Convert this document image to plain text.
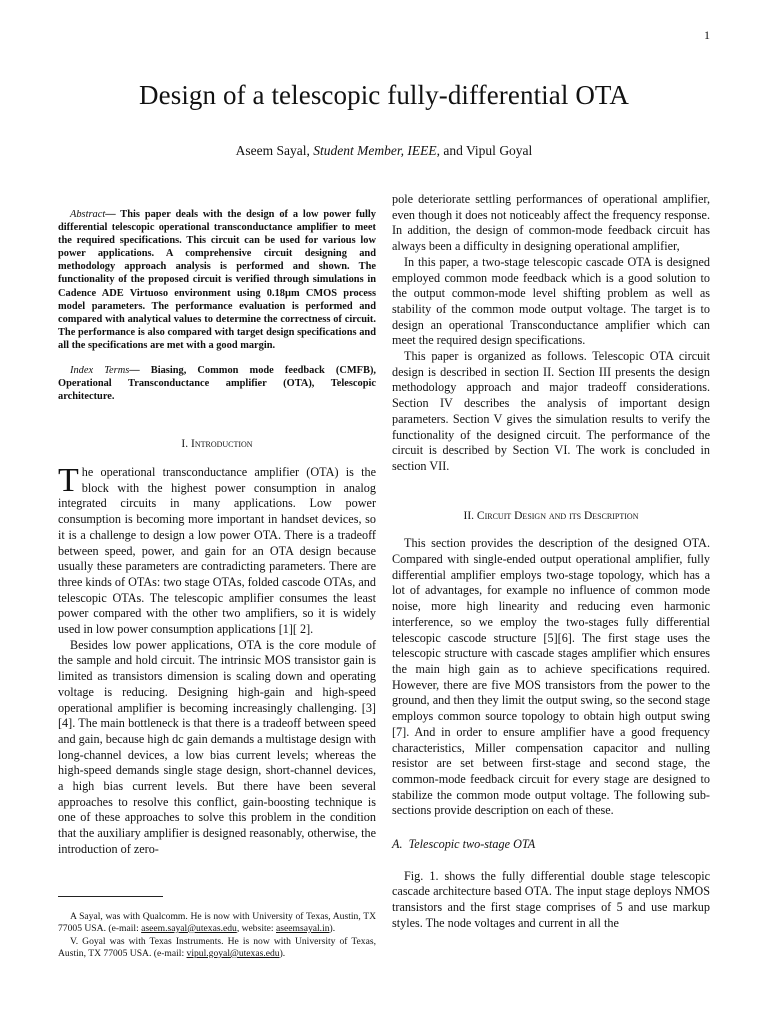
1
Design of a telescopic fully-differential OTA
Aseem Sayal, Student Member, IEEE, and Vipul Goyal

Abstract— This paper deals with the design of a low power fully differential telescopic operational transconductance amplifier to meet the required specifications. This circuit can be used for various low power applications. A comprehensive circuit designing and methodology approach analysis is performed and shown. The functionality of the proposed circuit is verified through simulations in Cadence ADE Virtuoso environment using 0.18µm CMOS process model parameters. The performance evaluation is performed and compared with analytical values to determine the correctness of circuit. The performance is also compared with target design specifications and all the specifications are met with a good margin.

Index Terms— Biasing, Common mode feedback (CMFB), Operational Transconductance amplifier (OTA), Telescopic architecture.

I. Introduction

The operational transconductance amplifier (OTA) is the block with the highest power consumption in analog integrated circuits in many applications. Low power consumption is becoming more important in handset devices, so it is a challenge to design a low power OTA. There is a tradeoff between speed, power, and gain for an OTA design because usually these parameters are contradicting parameters. There are three kinds of OTAs: two stage OTAs, folded cascode OTAs, and telescopic OTAs. The telescopic amplifier consumes the least power compared with the other two amplifiers, so it is widely used in low power consumption applications [1][ 2].

Besides low power applications, OTA is the core module of the sample and hold circuit. The intrinsic MOS transistor gain is limited as transistors dimension is scaling down and operating voltage is reducing. Designing high-gain and high-speed operational amplifier is becoming increasingly challenging. [3][4]. The main bottleneck is that there is a tradeoff between speed and gain, because high dc gain demands a multistage design with long-channel devices, a low bias current levels; whereas the high-speed demands single stage design, short-channel devices, a high bias current levels. But there have been several approaches to resolve this conflict, gain-boosting technique is one of these approaches to solve this problem in the condition that the auxiliary amplifier is designed reasonably, otherwise, the introduction of zero-

A Sayal, was with Qualcomm. He is now with University of Texas, Austin, TX 77005 USA. (e-mail: aseem.sayal@utexas.edu, website: aseemsayal.in).

V. Goyal was with Texas Instruments. He is now with University of Texas, Austin, TX 77005 USA. (e-mail: vipul.goyal@utexas.edu).

pole deteriorate settling performances of operational amplifier, even though it does not noticeably affect the frequency response. In addition, the design of common-mode feedback circuit has always been a difficulty in designing operational amplifier,

In this paper, a two-stage telescopic cascade OTA is designed employed common mode feedback which is a good solution to the output common-mode level shifting problem as well as stability of the common mode output voltage. The target is to design an operational Transconductance amplifier which can meet the required design specifications.

This paper is organized as follows. Telescopic OTA circuit design is described in section II. Section III presents the design methodology approach and major tradeoff considerations. Section IV describes the analysis of important design parameters. Section V gives the simulation results to verify the functionality of the designed circuit. The performance of the circuit is described by Section VI. The work is concluded in section VII.

II. Circuit Design and its Description

This section provides the description of the designed OTA. Compared with single-ended output operational amplifier, fully differential amplifier employs two-stage topology, which has a lot of advantages, for example no influence of common mode noise, more high linearity and reducing even harmonic interference, so we employ the two-stages fully differential telescopic cascode structure [5][6]. The first stage uses the telescopic structure with cascade stages amplifier which ensures the main high gain as to achieve specifications required. However, there are five MOS transistors from the power to the ground, and then they limit the output swing, so the second stage employs common source topology to obtain high output swing [7]. And in order to ensure amplifier have a good frequency characteristics, Miller compensation capacitor and nulling resistor are set between first-stage and second stage, the common-mode feedback circuit for every stage are designed to stabilize the common mode output voltage. The following sub-sections provide description on each of these.

A. Telescopic two-stage OTA

Fig. 1. shows the fully differential double stage telescopic cascade architecture based OTA. The input stage deploys NMOS transistors and the first stage comprises of 5 and use markup styles. The node voltages and current in all the
